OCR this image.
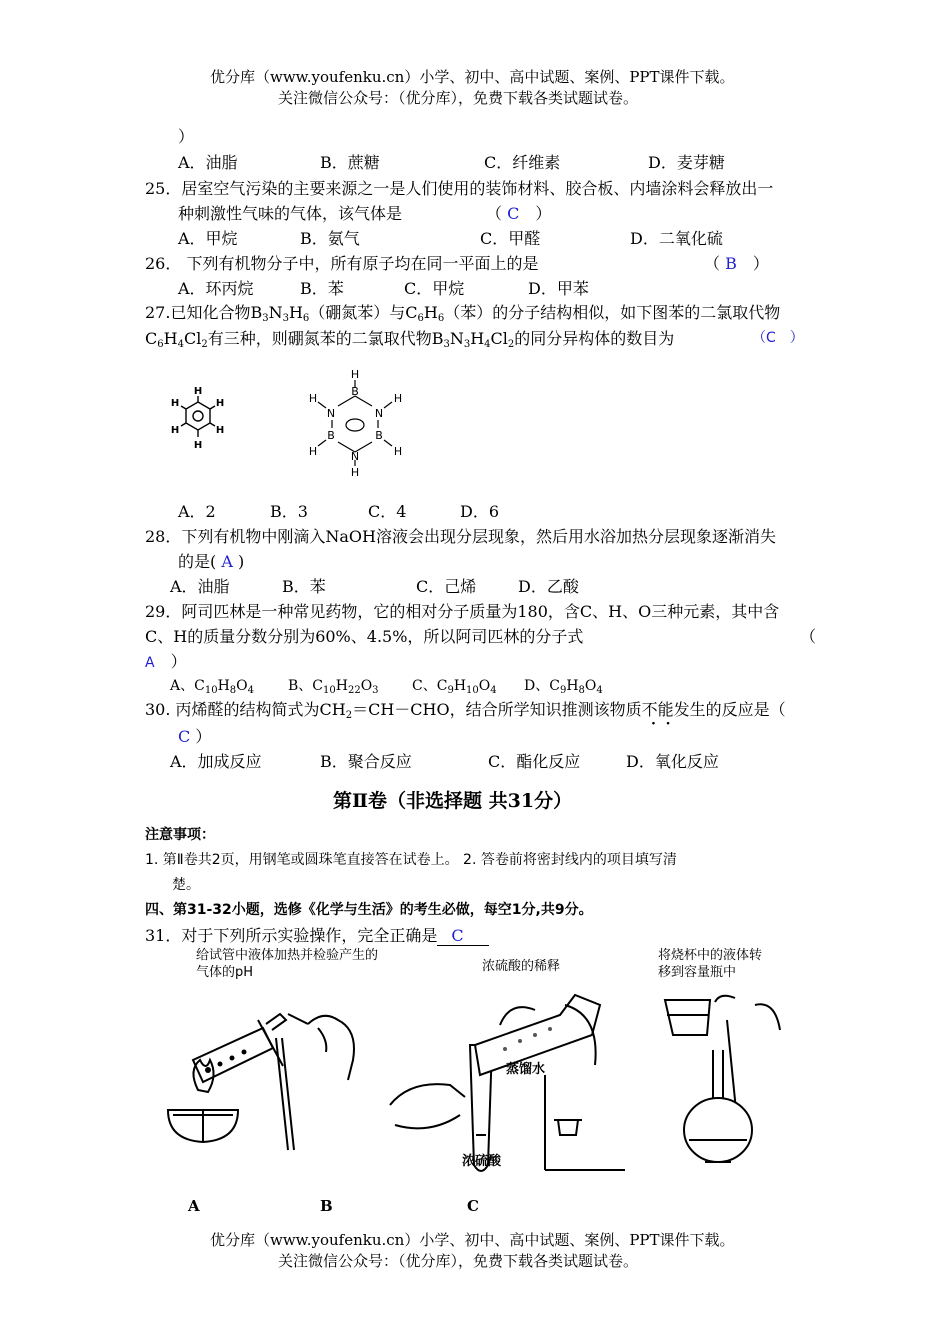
优分库（www.youfenku.cn）小学、初中、高中试题、案例、PPT课件下载。
关注微信公众号：（优分库），免费下载各类试题试卷。
）
A．油脂	B．蔗糖	C．纤维素	D．麦芽糖
25．居室空气污染的主要来源之一是人们使用的装饰材料、胶合板、内墙涂料会释放出一
种刺激性气味的气体，该气体是	（ C　 ）
A．甲烷	B．氨气	C．甲醛	D．二氧化硫
26． 下列有机物分子中，所有原子均在同一平面上的是	（ B　 ）
A．环丙烷	B．苯	C．甲烷	D．甲苯
27.已知化合物$B_3N_3H_6$（硼氮苯）与$C_6H_6$（苯）的分子结构相似，如下图苯的二氯取代物
$C_6H_4Cl_2$有三种，则硼氮苯的二氯取代物$B_3N_3H_4Cl_2$的同分异构体的数目为	（C　）
H
H
H
H
H
H
H
B
N
H
B
H
N
H
B
H
N
H
A．2	B．3	C．4	D．6
28．下列有机物中刚滴入NaOH溶液会出现分层现象，然后用水浴加热分层现象逐渐消失
的是( A )
A．油脂	B．苯	C．己烯	D．乙酸
29．阿司匹林是一种常见药物，它的相对分子质量为180，含C、H、O三种元素，其中含
C、H的质量分数分别为60%、4.5%，所以阿司匹林的分子式	（
A　 ）
A、$C_{10}H_8O_4$ B、$C_{10}H_{22}O_3$ C、$C_9H_{10}O_4$ D、$C_9H_8O_4$
30. 丙烯醛的结构简式为$CH_2=CH-CHO$，结合所学知识推测该物质不能发生的反应是（
·  ·
C ）
A．加成反应	B．聚合反应	C．酯化反应	D．氧化反应
第Ⅱ卷（非选择题 共31分）
注意事项：
1. 第Ⅱ卷共2页，用钢笔或圆珠笔直接答在试卷上。 2. 答卷前将密封线内的项目填写清
楚。
四、第31-32小题，选修《化学与生活》的考生必做，每空1分,共9分。
31．对于下列所示实验操作，完全正确是 C
给试管中液体加热并检验产生的
气体的pH	浓硫酸的稀释
将烧杯中的液体转
移到容量瓶中
蒸馏水
浓硫酸
A	B	C
优分库（www.youfenku.cn）小学、初中、高中试题、案例、PPT课件下载。
关注微信公众号：（优分库），免费下载各类试题试卷。
